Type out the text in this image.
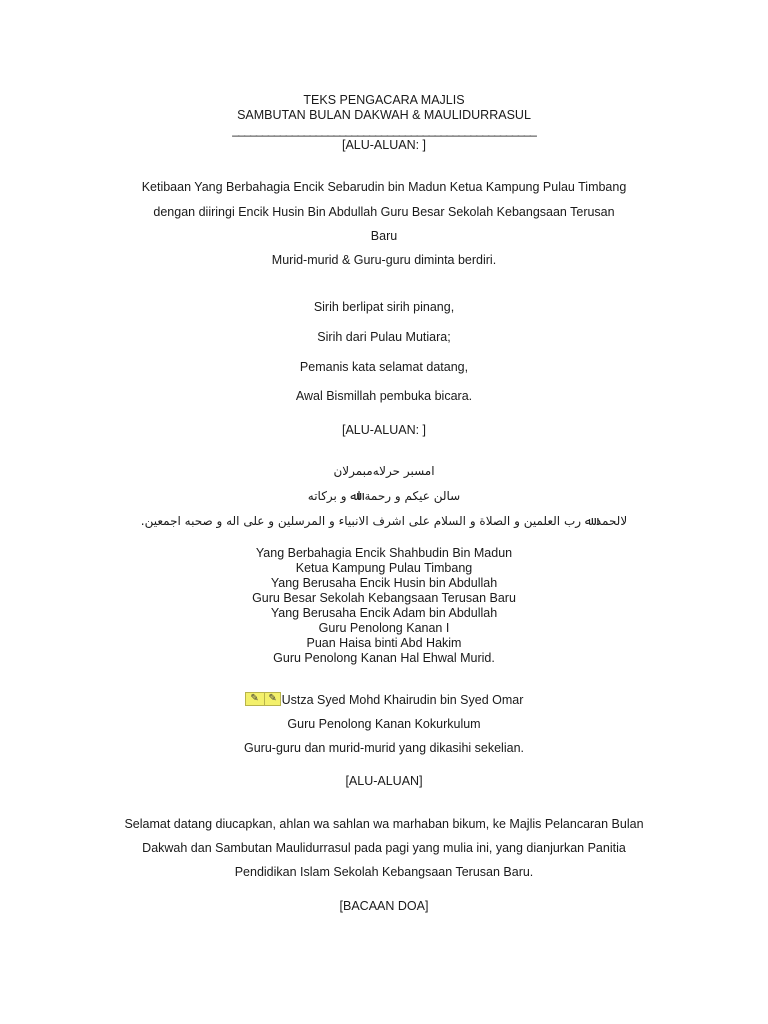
TEKS PENGACARA MAJLIS
SAMBUTAN BULAN DAKWAH & MAULIDURRASUL
___________________________________________________
[ALU-ALUAN: ]
Ketibaan Yang Berbahagia Encik Sebarudin bin Madun Ketua Kampung Pulau Timbang
dengan diiringi Encik Husin Bin Abdullah Guru Besar Sekolah Kebangsaan Terusan
Baru
Murid-murid & Guru-guru diminta berdiri.
Sirih berlipat sirih pinang,
Sirih dari Pulau Mutiara;
Pemanis kata selamat datang,
Awal Bismillah pembuka bicara.
[ALU-ALUAN: ]
ﺍﻣﺴﺒﺮ ﺣﺮﻻﻪﻣﺒﻤﺮﻻﻥ
ﺳﺎﻟﻦ ﻋﻴﻜﻢ ﻭ ﺭﺣﻤﺔ ﺍﷲ ﻭ ﺑﺮﻛﺎﺗﻪ
ﻻﻟﺤﻤﺪ ﷲ ﺭﺏ ﺍﻟﻌﻠﻤﻴﻦ ﻭ ﺍﻟﺼﻼﺓ ﻭ ﺍﻟﺴﻼﻡ ﻋﻠﻰ ﺍﺷﺮﻑ ﺍﻻﻧﺒﻴﺎﺀ ﻭ ﺍﻟﻤﺮﺳﻠﻴﻦ ﻭ ﻋﻠﻰ ﺍﻟﻪ ﻭ ﺻﺤﺒﻪ ﺍﺟﻤﻌﻴﻦ.
Yang Berbahagia Encik Shahbudin Bin Madun
Ketua Kampung Pulau Timbang
Yang Berusaha Encik Husin bin Abdullah
Guru Besar Sekolah Kebangsaan Terusan Baru
Yang Berusaha Encik Adam bin Abdullah
Guru Penolong Kanan I
Puan Haisa binti Abd Hakim
Guru Penolong Kanan Hal Ehwal Murid.
✎ ✎ Ustza Syed Mohd Khairudin bin Syed Omar
Guru Penolong Kanan Kokurkulum
Guru-guru dan murid-murid yang dikasihi sekelian.
[ALU-ALUAN]
Selamat datang diucapkan, ahlan wa sahlan wa marhaban bikum, ke Majlis Pelancaran Bulan
Dakwah dan Sambutan Maulidurrasul pada pagi yang mulia ini, yang dianjurkan Panitia
Pendidikan Islam Sekolah Kebangsaan Terusan Baru.
[BACAAN DOA]
